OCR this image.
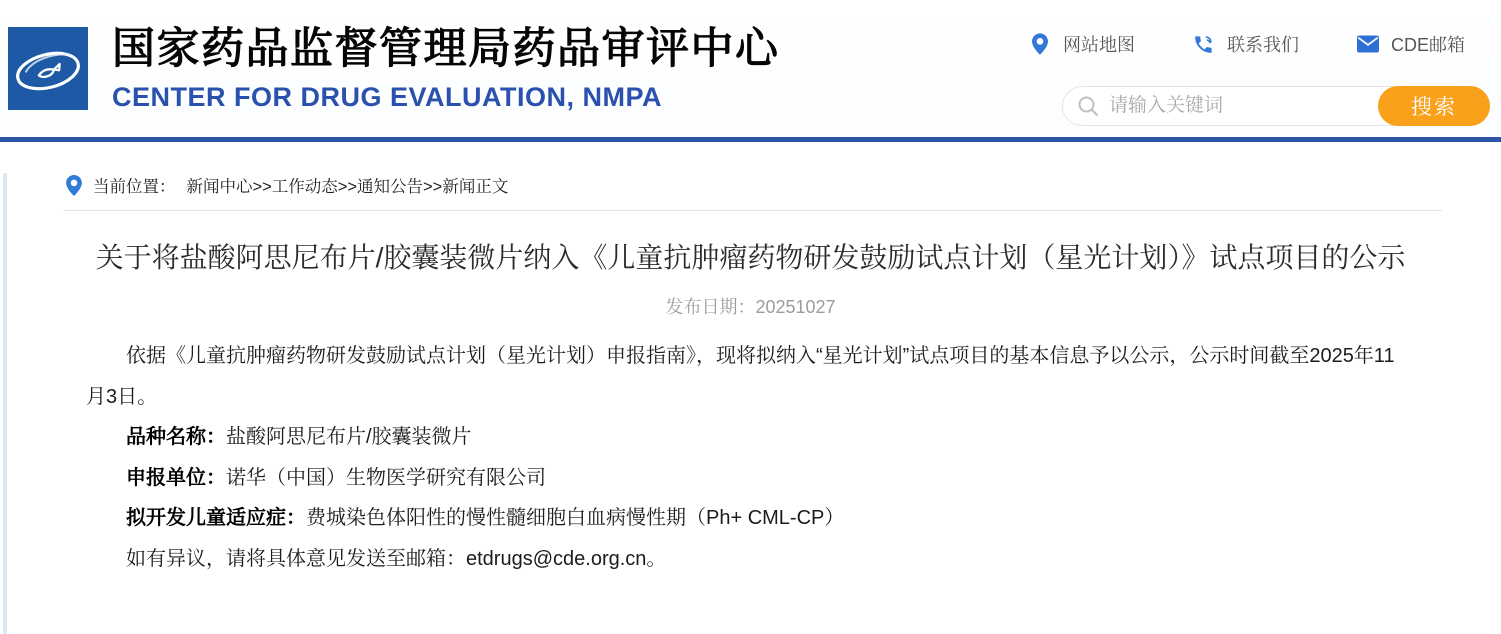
国家药品监督管理局药品审评中心
CENTER FOR DRUG EVALUATION, NMPA
网站地图	联系我们	CDE邮箱
请输入关键词
搜索
当前位置： 新闻中心>>工作动态>>通知公告>>新闻正文
关于将盐酸阿思尼布片/胶囊装微片纳入《儿童抗肿瘤药物研发鼓励试点计划（星光计划）》试点项目的公示
发布日期：20251027

依据《儿童抗肿瘤药物研发鼓励试点计划（星光计划）申报指南》，现将拟纳入“星光计划”试点项目的基本信息予以公示，公示时间截至2025年11月3日。

品种名称：盐酸阿思尼布片/胶囊装微片

申报单位：诺华（中国）生物医学研究有限公司

拟开发儿童适应症：费城染色体阳性的慢性髓细胞白血病慢性期（Ph+ CML-CP）

如有异议，请将具体意见发送至邮箱：etdrugs@cde.org.cn。
